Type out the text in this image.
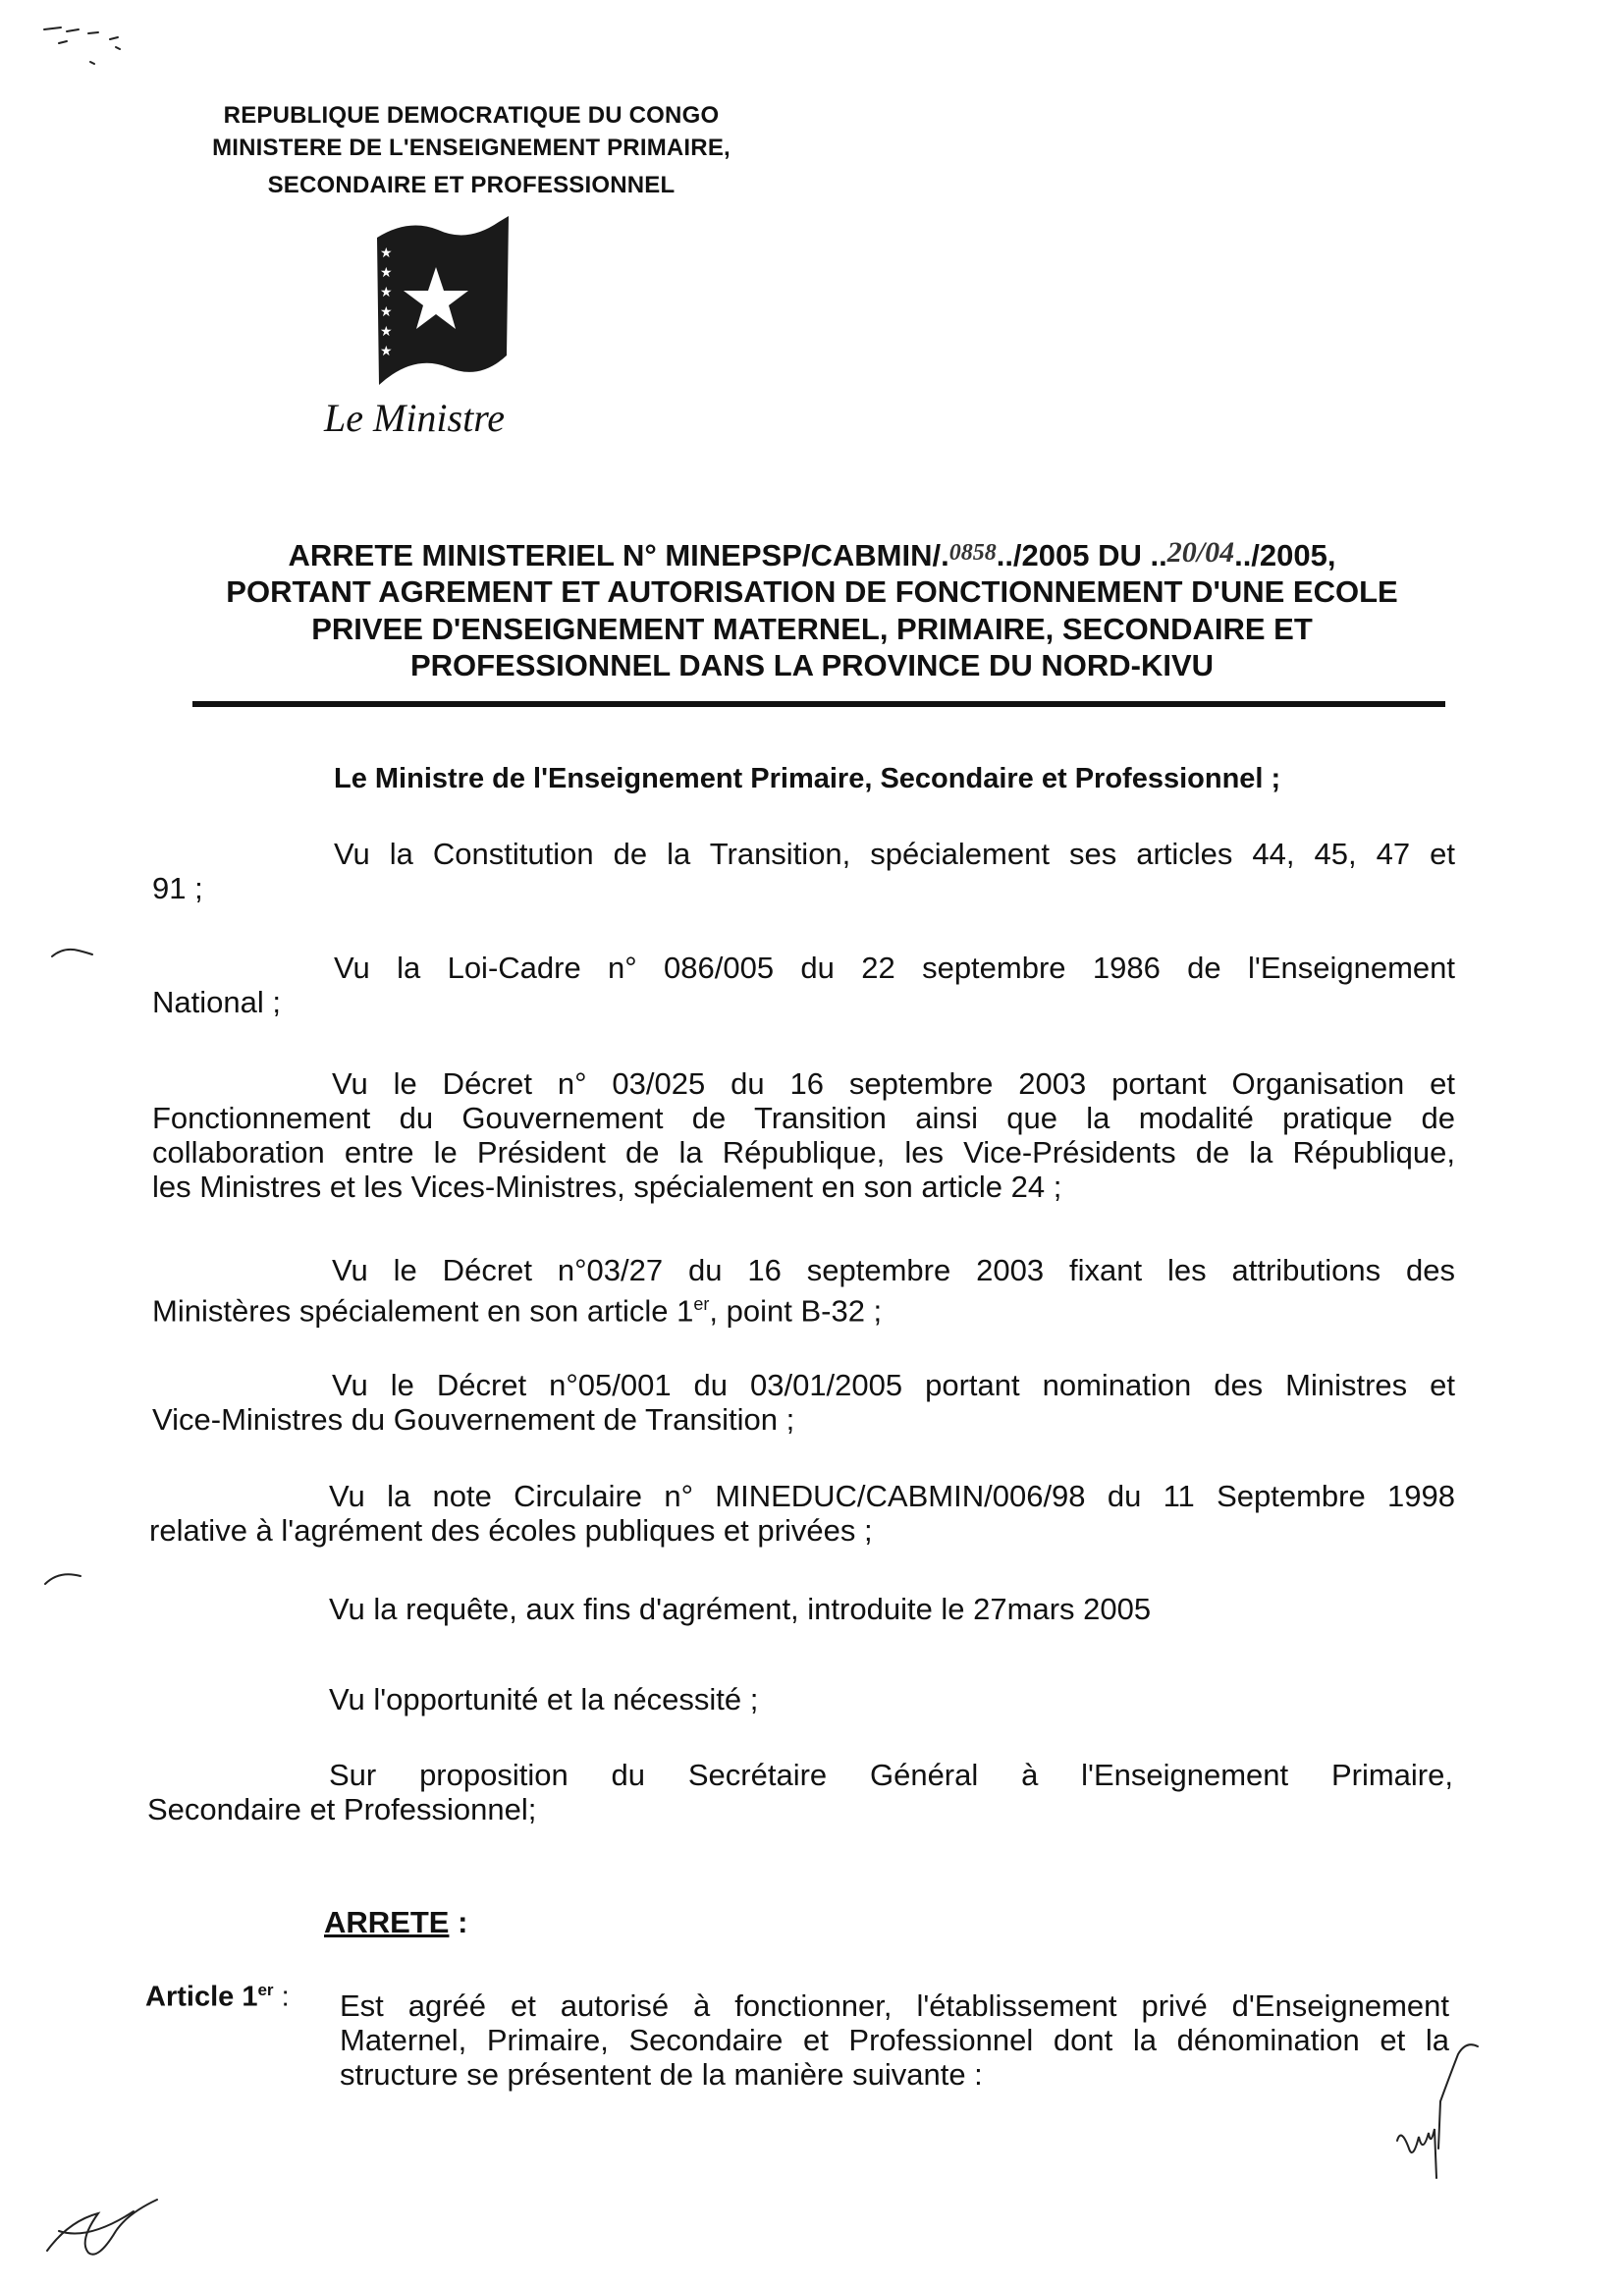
REPUBLIQUE DEMOCRATIQUE DU CONGO
MINISTERE DE L'ENSEIGNEMENT PRIMAIRE,
SECONDAIRE ET PROFESSIONNEL
★
★
★
★
★
★
Le Ministre
ARRETE MINISTERIEL N° MINEPSP/CABMIN/.0858../2005 DU ..20/04../2005,
PORTANT AGREMENT ET AUTORISATION DE FONCTIONNEMENT D'UNE ECOLE
PRIVEE D'ENSEIGNEMENT MATERNEL, PRIMAIRE, SECONDAIRE ET
PROFESSIONNEL DANS LA PROVINCE DU NORD-KIVU
Le Ministre de l'Enseignement Primaire, Secondaire et Professionnel ;
Vu la Constitution de la Transition, spécialement ses articles 44, 45, 47 et
91 ;
Vu la Loi-Cadre n° 086/005 du 22 septembre 1986 de l'Enseignement
National ;
Vu le Décret n° 03/025 du 16 septembre 2003 portant Organisation et
Fonctionnement du Gouvernement de Transition ainsi que la modalité pratique de
collaboration entre le Président de la République, les Vice-Présidents de la République,
les Ministres et les Vices-Ministres, spécialement en son article 24 ;
Vu le Décret n°03/27 du 16 septembre 2003 fixant les attributions des
Ministères spécialement en son article 1er, point B-32 ;
Vu le Décret n°05/001 du 03/01/2005 portant nomination des Ministres et
Vice-Ministres du Gouvernement de Transition ;
Vu la note Circulaire n° MINEDUC/CABMIN/006/98 du 11 Septembre 1998
relative à l'agrément des écoles publiques et privées ;
Vu la requête, aux fins d'agrément, introduite le 27mars 2005
Vu l'opportunité et la nécessité ;
Sur proposition du Secrétaire Général à l'Enseignement Primaire,
Secondaire et Professionnel;
ARRETE :
Article 1er : Est agréé et autorisé à fonctionner, l'établissement privé d'Enseignement
Maternel, Primaire, Secondaire et Professionnel dont la dénomination et la
structure se présentent de la manière suivante :
